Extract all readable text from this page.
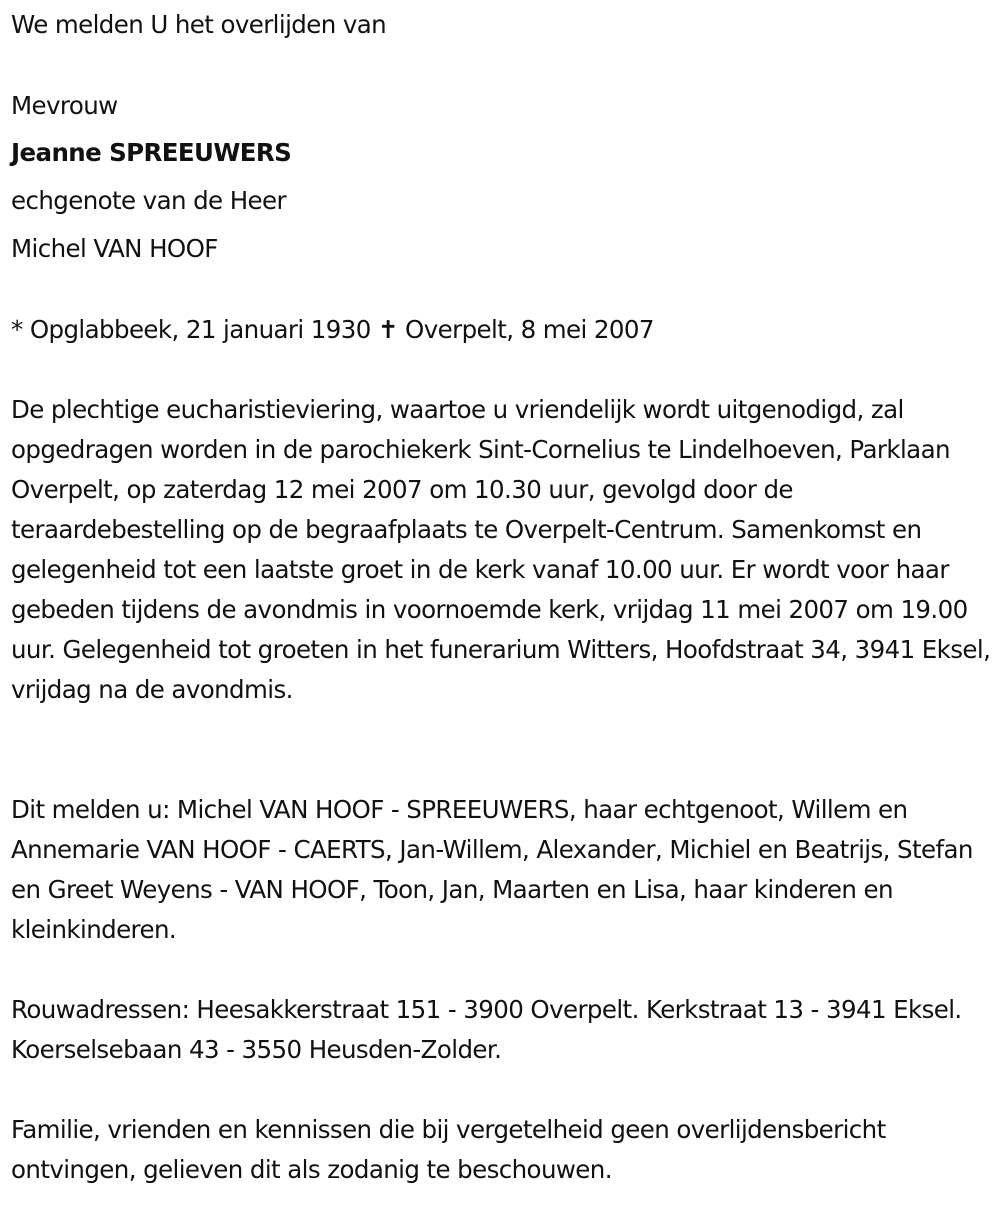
We melden U het overlijden van
Mevrouw
Jeanne SPREEUWERS
echgenote van de Heer
Michel VAN HOOF
* Opglabbeek, 21 januari 1930 ✝ Overpelt, 8 mei 2007
De plechtige eucharistieviering, waartoe u vriendelijk wordt uitgenodigd, zal opgedragen worden in de parochiekerk Sint-Cornelius te Lindelhoeven, Parklaan Overpelt, op zaterdag 12 mei 2007 om 10.30 uur, gevolgd door de teraardebestelling op de begraafplaats te Overpelt-Centrum. Samenkomst en gelegenheid tot een laatste groet in de kerk vanaf 10.00 uur. Er wordt voor haar gebeden tijdens de avondmis in voornoemde kerk, vrijdag 11 mei 2007 om 19.00 uur. Gelegenheid tot groeten in het funerarium Witters, Hoofdstraat 34, 3941 Eksel, vrijdag na de avondmis.
Dit melden u: Michel VAN HOOF - SPREEUWERS, haar echtgenoot, Willem en Annemarie VAN HOOF - CAERTS, Jan-Willem, Alexander, Michiel en Beatrijs, Stefan en Greet Weyens - VAN HOOF, Toon, Jan, Maarten en Lisa, haar kinderen en kleinkinderen.
Rouwadressen: Heesakkerstraat 151 - 3900 Overpelt. Kerkstraat 13 - 3941 Eksel. Koerselsebaan 43 - 3550 Heusden-Zolder.
Familie, vrienden en kennissen die bij vergetelheid geen overlijdensbericht ontvingen, gelieven dit als zodanig te beschouwen.
